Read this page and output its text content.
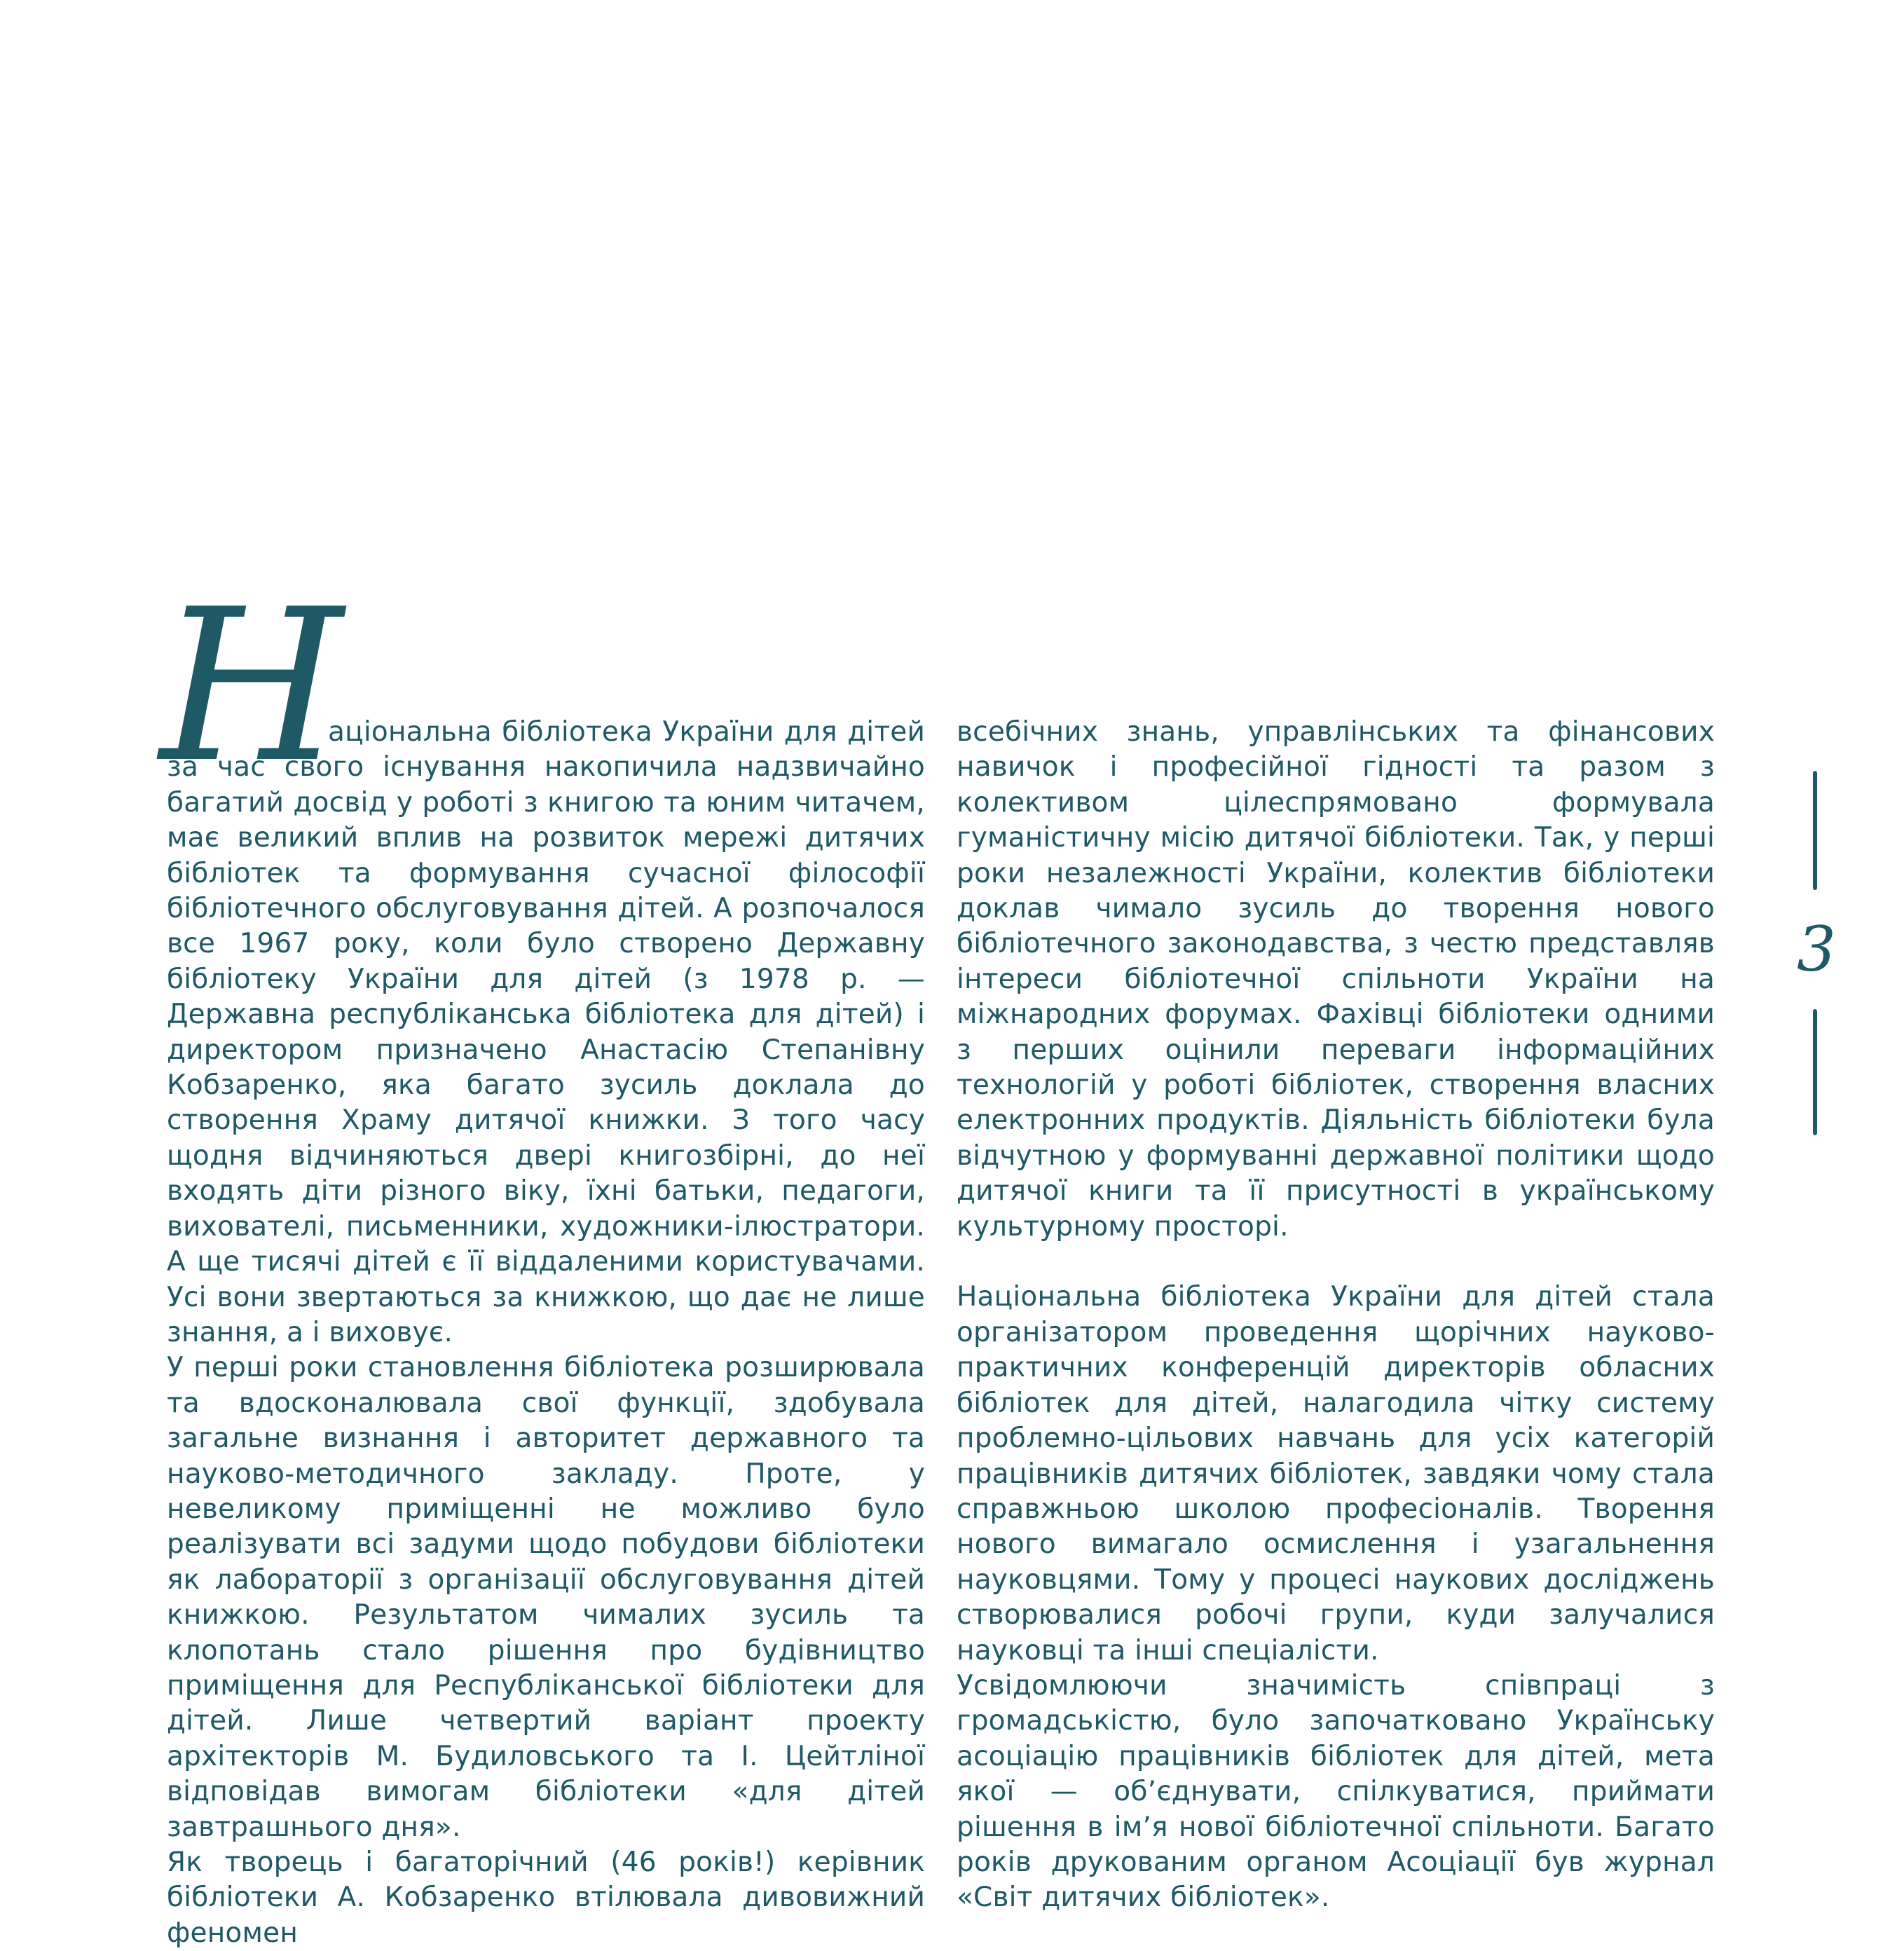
Н

аціональна бібліотека України для дітей за час свого існування накопичила надзвичайно багатий досвід у роботі з книгою та юним читачем, має великий вплив на розвиток мережі дитячих бібліотек та формування сучасної філософії бібліотечного обслуговування дітей. А розпочалося все 1967 року, коли було створено Державну бібліотеку України для дітей (з 1978 р. — Державна республіканська бібліотека для дітей) і директором призначено Анастасію Степанівну Кобзаренко, яка багато зусиль доклала до створення Храму дитячої книжки. З того часу щодня відчиняються двері книгозбірні, до неї входять діти різного віку, їхні батьки, педагоги, вихователі, письменники, художники-ілюстратори. А ще тисячі дітей є її віддаленими користувачами. Усі вони звертаються за книжкою, що дає не лише знання, а і виховує.

У перші роки становлення бібліотека розширювала та вдосконалювала свої функції, здобувала загальне визнання і авторитет державного та науково-методичного закладу. Проте, у невеликому приміщенні не можливо було реалізувати всі задуми щодо побудови бібліотеки як лабораторії з організації обслуговування дітей книжкою. Результатом чималих зусиль та клопотань стало рішення про будівництво приміщення для Республіканської бібліотеки для дітей. Лише четвертий варіант проекту архітекторів М. Будиловського та І. Цейтліної відповідав вимогам бібліотеки «для дітей завтрашнього дня».

Як творець і багаторічний (46 років!) керівник бібліотеки А. Кобзаренко втілювала дивовижний феномен

всебічних знань, управлінських та фінансових навичок і професійної гідності та разом з колективом цілеспрямовано формувала гуманістичну місію дитячої бібліотеки. Так, у перші роки незалежності України, колектив бібліотеки доклав чимало зусиль до творення нового бібліотечного законодавства, з честю представляв інтереси бібліотечної спільноти України на міжнародних форумах. Фахівці бібліотеки одними з перших оцінили переваги інформаційних технологій у роботі бібліотек, створення власних електронних продуктів. Діяльність бібліотеки була відчутною у формуванні державної політики щодо дитячої книги та її присутності в українському культурному просторі.

Національна бібліотека України для дітей стала організатором проведення щорічних науково-практичних конференцій директорів обласних бібліотек для дітей, налагодила чітку систему проблемно-цільових навчань для усіх категорій працівників дитячих бібліотек, завдяки чому стала справжньою школою професіоналів. Творення нового вимагало осмислення і узагальнення науковцями. Тому у процесі наукових досліджень створювалися робочі групи, куди залучалися науковці та інші спеціалісти.

Усвідомлюючи значимість співпраці з громадськістю, було започатковано Українську асоціацію працівників бібліотек для дітей, мета якої — об’єднувати, спілкуватися, приймати рішення в ім’я нової бібліотечної спільноти. Багато років друкованим органом Асоціації був журнал «Світ дитячих бібліотек».

3
